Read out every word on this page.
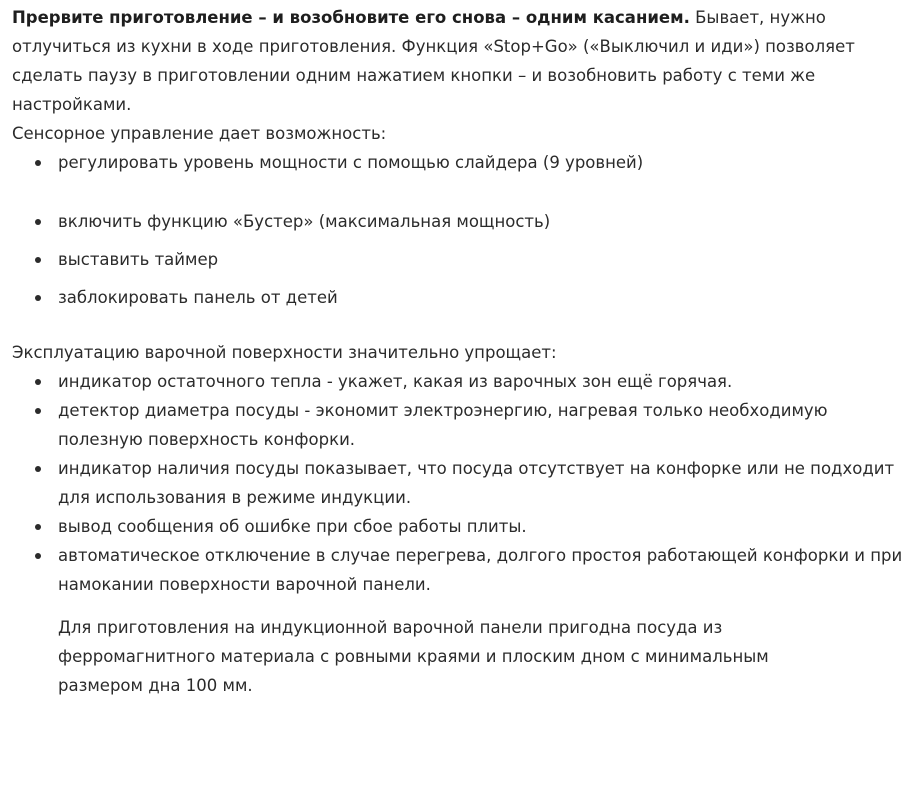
Прервите приготовление – и возобновите его снова – одним касанием. Бывает, нужно отлучиться из кухни в ходе приготовления. Функция «Stop+Go» («Выключил и иди») позволяет сделать паузу в приготовлении одним нажатием кнопки – и возобновить работу с теми же настройками.

Сенсорное управление дает возможность:

регулировать уровень мощности с помощью слайдера (9 уровней)
включить функцию «Бустер» (максимальная мощность)
выставить таймер
заблокировать панель от детей

Эксплуатацию варочной поверхности значительно упрощает:

индикатор остаточного тепла - укажет, какая из варочных зон ещё горячая.
детектор диаметра посуды - экономит электроэнергию, нагревая только необходимую полезную поверхность конфорки.
индикатор наличия посуды показывает, что посуда отсутствует на конфорке или не подходит для использования в режиме индукции.
вывод сообщения об ошибке при сбое работы плиты.
автоматическое отключение в случае перегрева, долгого простоя работающей конфорки и при намокании поверхности варочной панели.

Для приготовления на индукционной варочной панели пригодна посуда из ферромагнитного материала с ровными краями и плоским дном с минимальным размером дна 100 мм.
